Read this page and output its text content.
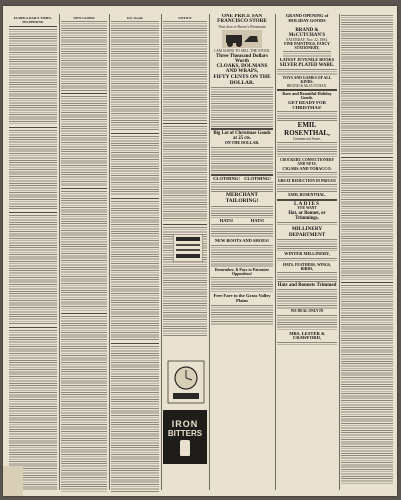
EUREKA DAILY TIMES-TELEPHONE.
NEW GOODS	Dry Goods	NOTICE
IRON
BITTERS
ONE PRICE SAN FRANCISCO STORE
Next door to Brown's Restaurant
I AM GOING TO SELL THE STOCK
Three Thousand Dollars Worth
CLOAKS, DOLMANS AND WRAPS,
FIFTY CENTS ON THE DOLLAR.
Big Lot of Christmas Goods at 25 cts.
ON THE DOLLAR.
CLOTHING! CLOTHING!
MERCHANT TAILORING!
HATS!	HATS!
NEW BOOTS AND SHOES!
Remember, It Pays to Patronize Opposition!
Free Fare to the Grass Valley Plains
GRAND OPENING of HOLIDAY GOODS

BRAND & McCUTCHAN'S
SATURDAY, Nov. 22, 1884.
FINE PAINTINGS, FANCY STATIONERY,
LATEST JUVENILE BOOKS
SILVER PLATED WARE.
TOYS AND GAMES OF ALL KINDS.
BRAND & McCUTCHAN.
Rare and Beautiful Holiday Goods.
GET READY FOR CHRISTMAS!
EMIL ROSENTHAL,
Commercial Street,
CROCKERY, CONFECTIONERY AND NUTS,
CIGARS AND TOBACCO.
GREAT REDUCTION IN PRICES!
EMIL ROSENTHAL.
LADIES
YOU WANT
Hat, or Bonnet, or Trimmings,
MILLINERY DEPARTMENT
WINTER MILLINERY,
HATS, FEATHERS, WINGS, BIRDS,
Hats and Bonnets Trimmed
WE DEAL ONLY IN
MRS. LESTER & CRAWFORD,
